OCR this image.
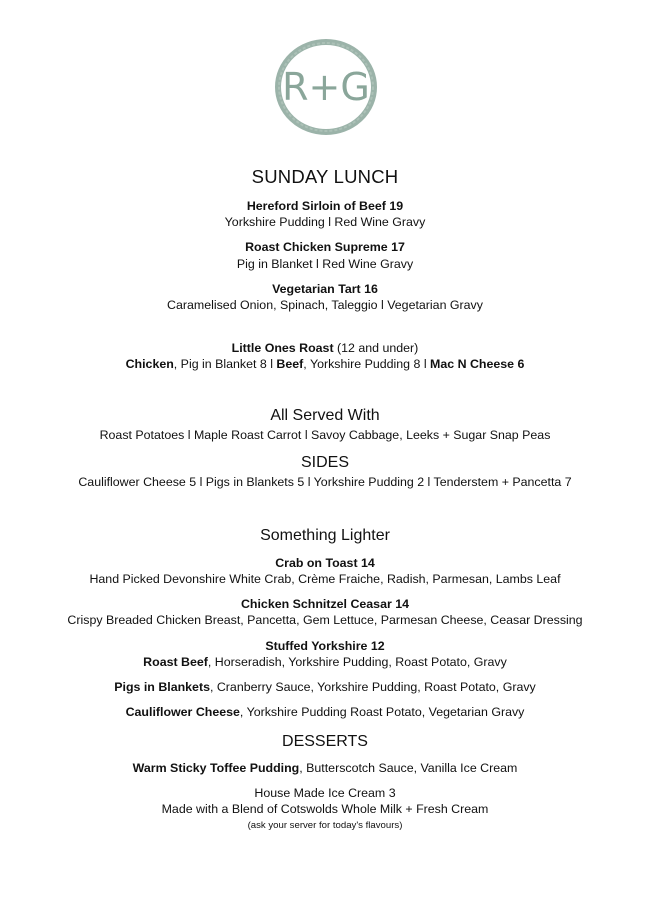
R+G
SUNDAY LUNCH
Hereford Sirloin of Beef 19
Yorkshire Pudding l Red Wine Gravy
Roast Chicken Supreme 17
Pig in Blanket l Red Wine Gravy
Vegetarian Tart 16
Caramelised Onion, Spinach, Taleggio l Vegetarian Gravy
Little Ones Roast (12 and under)
Chicken, Pig in Blanket 8 l Beef, Yorkshire Pudding 8 l Mac N Cheese 6
All Served With
Roast Potatoes l Maple Roast Carrot l Savoy Cabbage, Leeks + Sugar Snap Peas
SIDES
Cauliflower Cheese 5 l Pigs in Blankets 5 l Yorkshire Pudding 2 l Tenderstem + Pancetta 7
Something Lighter
Crab on Toast 14
Hand Picked Devonshire White Crab, Crème Fraiche, Radish, Parmesan, Lambs Leaf
Chicken Schnitzel Ceasar 14
Crispy Breaded Chicken Breast, Pancetta, Gem Lettuce, Parmesan Cheese, Ceasar Dressing
Stuffed Yorkshire 12
Roast Beef, Horseradish, Yorkshire Pudding, Roast Potato, Gravy
Pigs in Blankets, Cranberry Sauce, Yorkshire Pudding, Roast Potato, Gravy
Cauliflower Cheese, Yorkshire Pudding Roast Potato, Vegetarian Gravy
DESSERTS
Warm Sticky Toffee Pudding, Butterscotch Sauce, Vanilla Ice Cream
House Made Ice Cream 3
Made with a Blend of Cotswolds Whole Milk + Fresh Cream
(ask your server for today's flavours)
